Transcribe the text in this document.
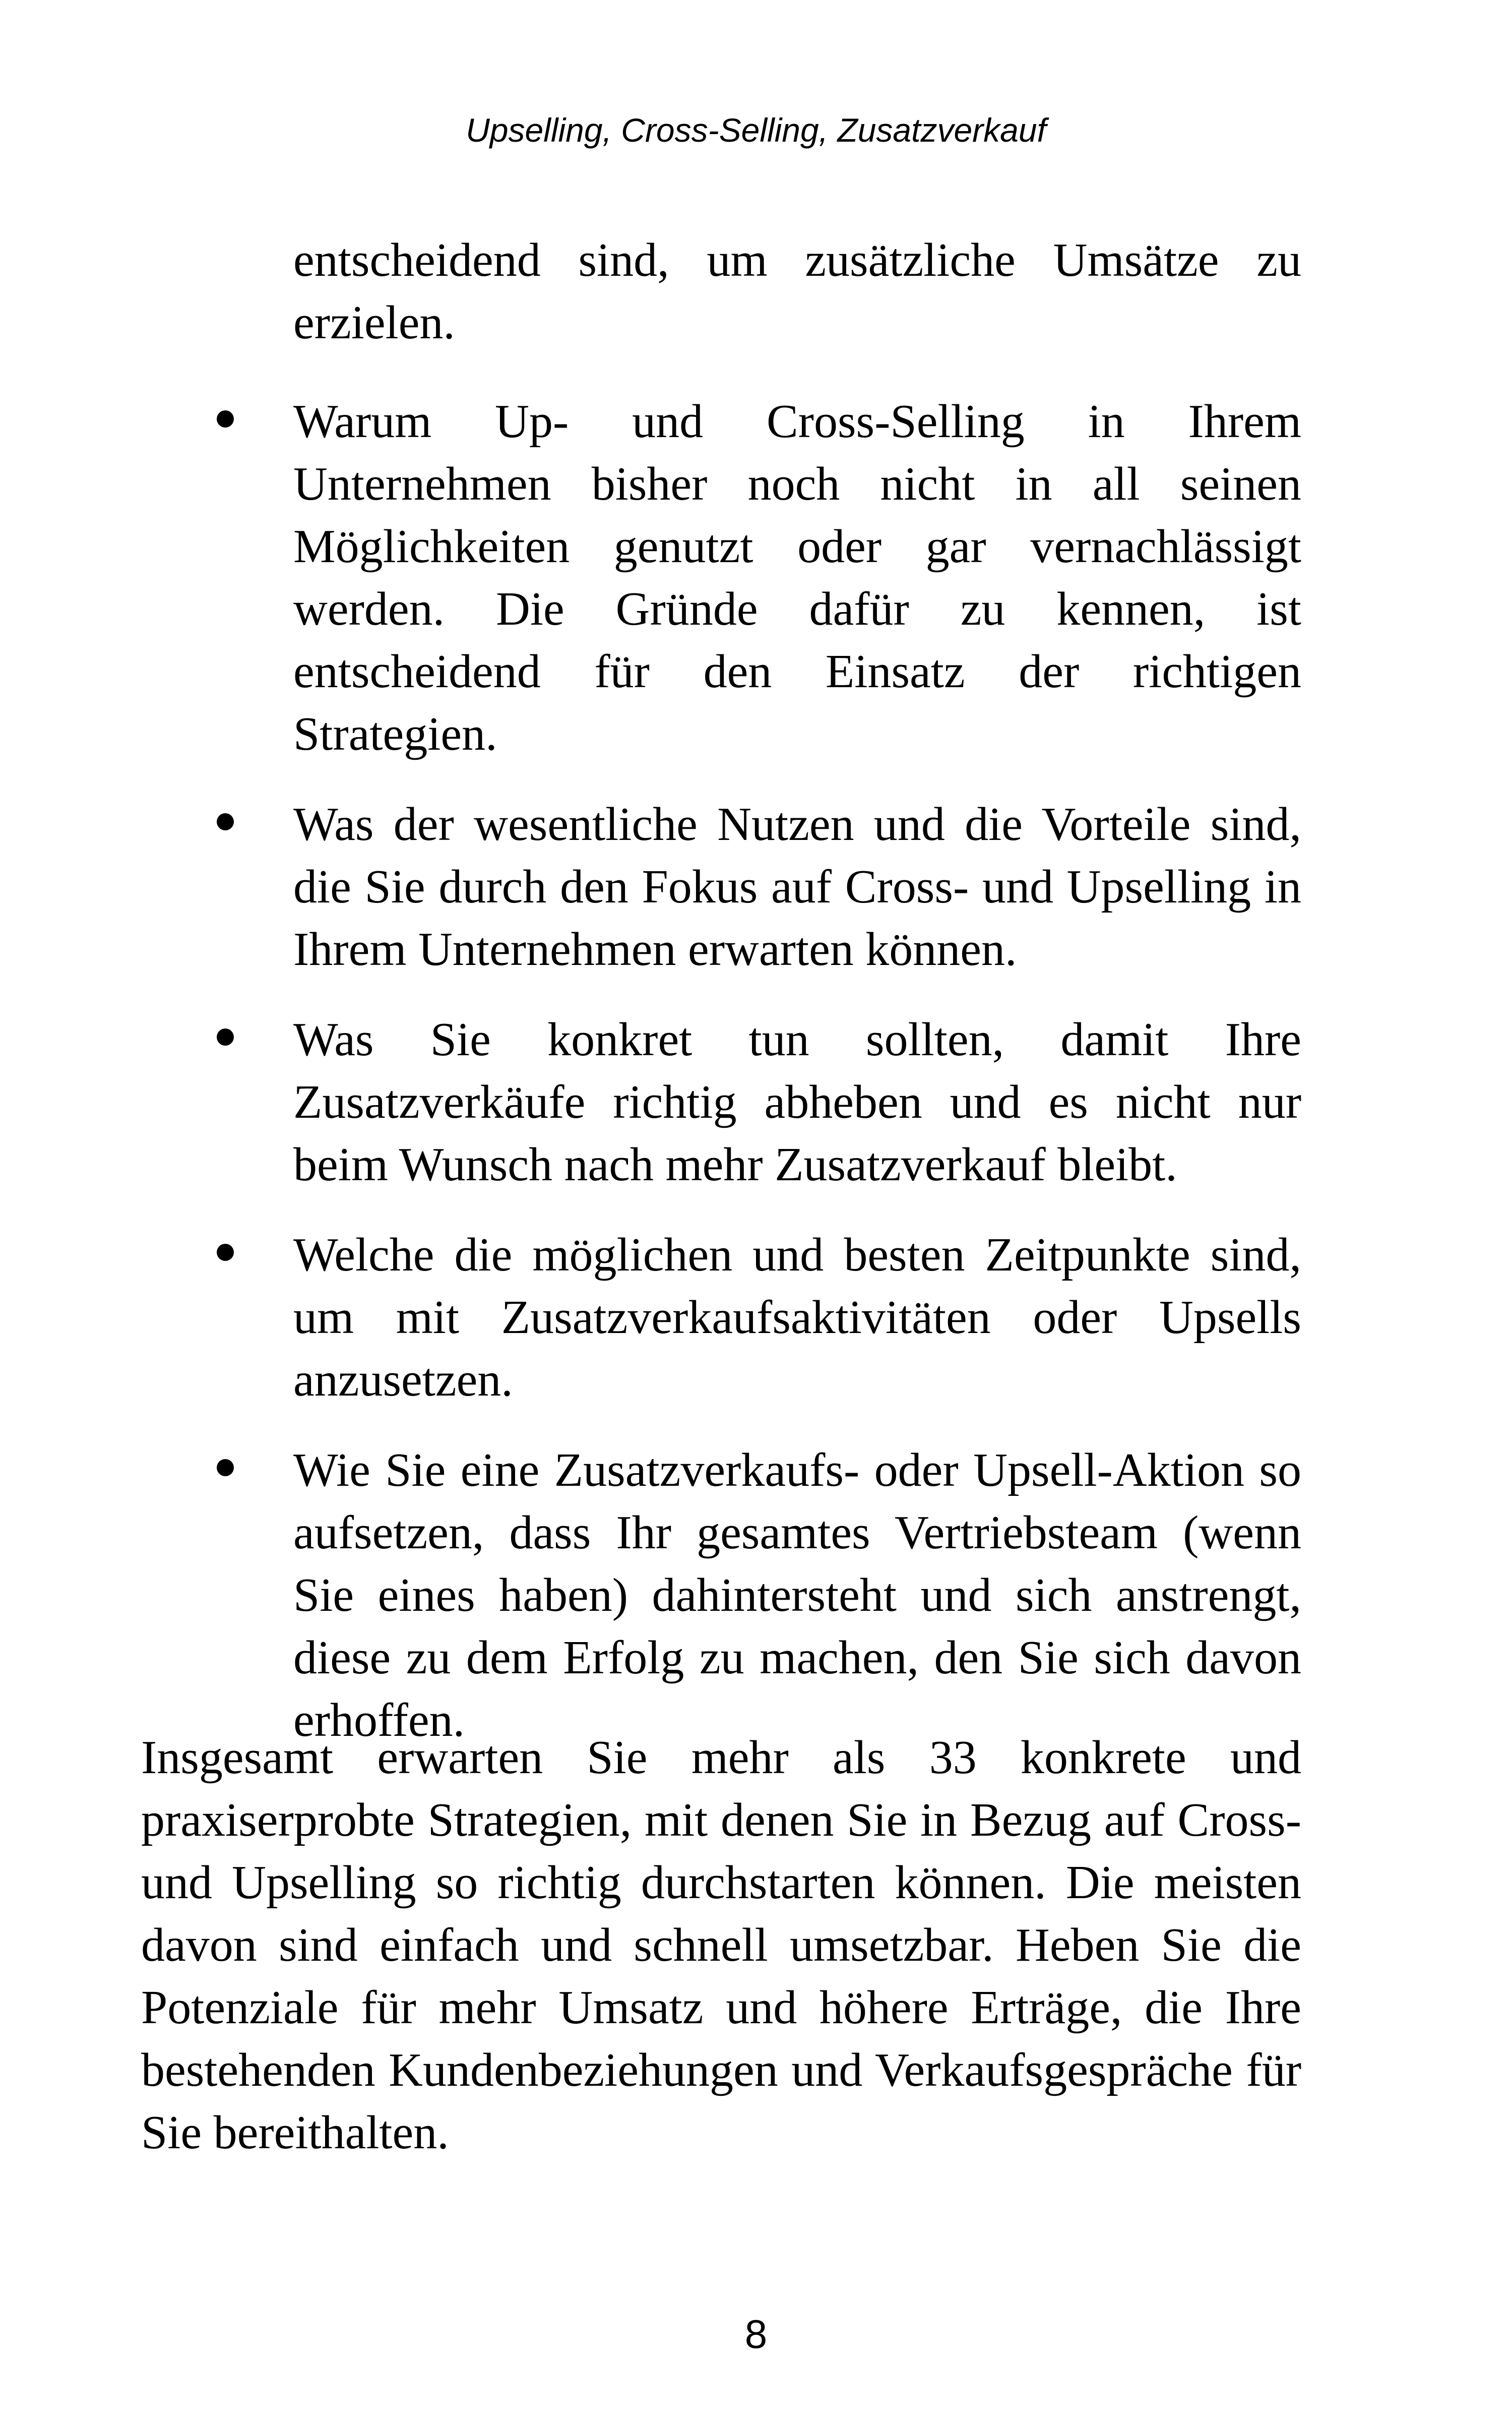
Upselling, Cross-Selling, Zusatzverkauf

entscheidend sind, um zusätzliche Umsätze zu erzielen.

Warum Up- und Cross-Selling in Ihrem Unternehmen bisher noch nicht in all seinen Möglichkeiten genutzt oder gar vernachlässigt werden. Die Gründe dafür zu kennen, ist entscheidend für den Einsatz der richtigen Strategien.
Was der wesentliche Nutzen und die Vorteile sind, die Sie durch den Fokus auf Cross- und Upselling in Ihrem Unternehmen erwarten können.
Was Sie konkret tun sollten, damit Ihre Zusatzverkäufe richtig abheben und es nicht nur beim Wunsch nach mehr Zusatzverkauf bleibt.
Welche die möglichen und besten Zeitpunkte sind, um mit Zusatzverkaufsaktivitäten oder Upsells anzusetzen.
Wie Sie eine Zusatzverkaufs- oder Upsell-Aktion so aufsetzen, dass Ihr gesamtes Vertriebsteam (wenn Sie eines haben) dahintersteht und sich anstrengt, diese zu dem Erfolg zu machen, den Sie sich davon erhoffen.

Insgesamt erwarten Sie mehr als 33 konkrete und praxiserprobte Strategien, mit denen Sie in Bezug auf Cross- und Upselling so richtig durchstarten können. Die meisten davon sind einfach und schnell umsetzbar. Heben Sie die Potenziale für mehr Umsatz und höhere Erträge, die Ihre bestehenden Kundenbeziehungen und Verkaufsgespräche für Sie bereithalten.

8
